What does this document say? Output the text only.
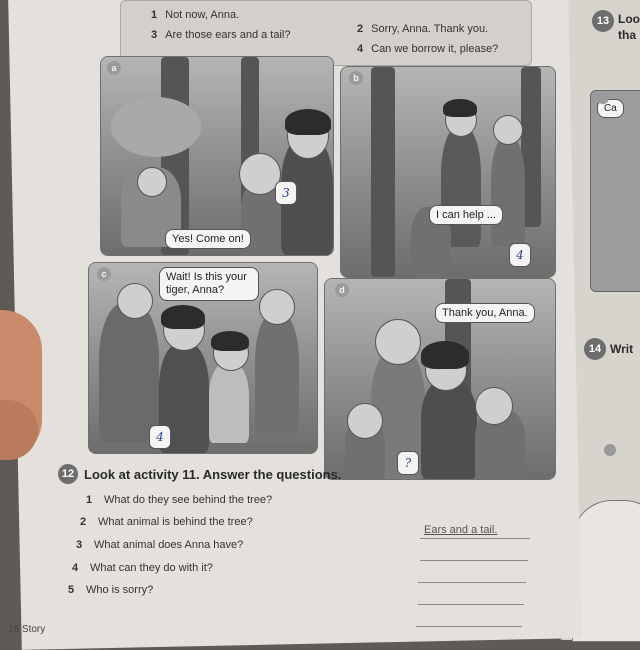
13 Loo
tha
Ca
14 Writ
1 Not now, Anna.
2 Sorry, Anna. Thank you.
3 Are those ears and a tail?
4 Can we borrow it, please?
a
Yes! Come on!
3
b
I can help ...
4
c	Wait! Is this your tiger, Anna?
4
d
Thank you, Anna.
?
12 Look at activity 11. Answer the questions.
1 What do they see behind the tree?
2 What animal is behind the tree?
3 What animal does Anna have?
4 What can they do with it?
5 Who is sorry?
Ears and a tail.
16 Story
